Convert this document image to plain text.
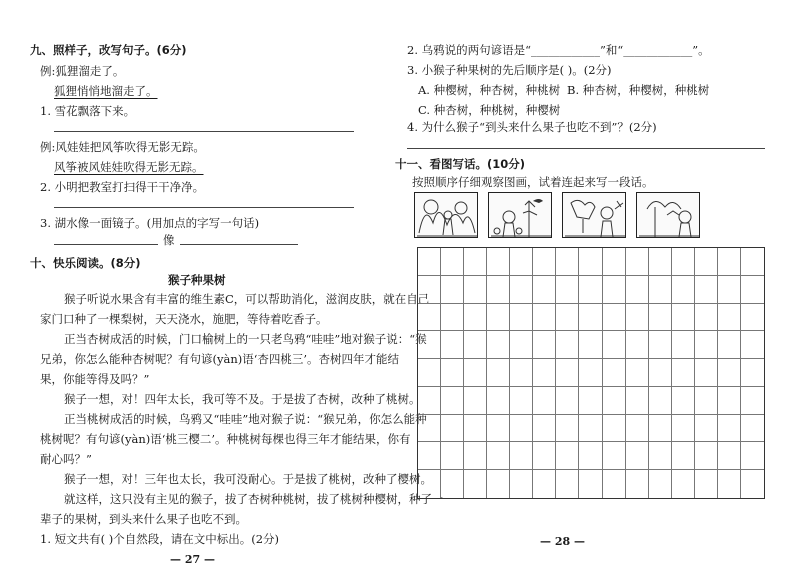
九、照样子，改写句子。(6分)
例:狐狸溜走了。
狐狸悄悄地溜走了。
1. 雪花飘落下来。
例:风娃娃把风筝吹得无影无踪。
风筝被风娃娃吹得无影无踪。
2. 小明把教室打扫得干干净净。
3. 湖水像一面镜子。(用加点的字写一句话)
像
十、快乐阅读。(8分)
猴子种果树
猴子听说水果含有丰富的维生素C，可以帮助消化，滋润皮肤，就在自己
家门口种了一棵梨树，天天浇水，施肥，等待着吃香子。
正当杏树成活的时候，门口榆树上的一只老鸟鸦“哇哇”地对猴子说：“猴
兄弟，你怎么能种杏树呢？有句谚(yàn)语‘杏四桃三’。杏树四年才能结
果，你能等得及吗？”
猴子一想，对！四年太长，我可等不及。于是拔了杏树，改种了桃树。
正当桃树成活的时候，鸟鸦又“哇哇”地对猴子说：“猴兄弟，你怎么能种
桃树呢？有句谚(yàn)语‘桃三樱二’。种桃树每棵也得三年才能结果，你有
耐心吗？”
猴子一想，对！三年也太长，我可没耐心。于是拔了桃树，改种了樱树。
就这样，这只没有主见的猴子，拔了杏树种桃树，拔了桃树种樱树，种了一
辈子的果树，到头来什么果子也吃不到。
1. 短文共有( )个自然段，请在文中标出。(2分)
— 27 —
2. 乌鸦说的两句谚语是“____________”和“____________”。
3. 小猴子种果树的先后顺序是( )。(2分)
A. 种樱树，种杏树，种桃树 B. 种杏树，种樱树，种桃树
C. 种杏树，种桃树，种樱树
4. 为什么猴子“到头来什么果子也吃不到”？(2分)
十一、看图写话。(10分)
按照顺序仔细观察图画，试着连起来写一段话。
— 28 —
